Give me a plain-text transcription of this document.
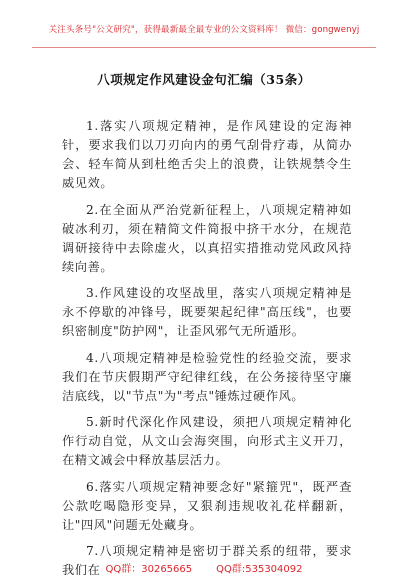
关注头条号"公文研究"，获得最新最全最专业的公文资料库！ 微信：gongwenyj
八项规定作风建设金句汇编（35条）

1.落实八项规定精神，是作风建设的定海神针，要求我们以刀刃向内的勇气刮骨疗毒，从简办会、轻车简从到杜绝舌尖上的浪费，让铁规禁令生威见效。

2.在全面从严治党新征程上，八项规定精神如破冰利刃，须在精简文件简报中挤干水分，在规范调研接待中去除虚火，以真招实措推动党风政风持续向善。

3.作风建设的攻坚战里，落实八项规定精神是永不停歇的冲锋号，既要架起纪律"高压线"，也要织密制度"防护网"，让歪风邪气无所遁形。

4.八项规定精神是检验党性的经验交流，要求我们在节庆假期严守纪律红线，在公务接待坚守廉洁底线，以"节点"为"考点"锤炼过硬作风。

5.新时代深化作风建设，须把八项规定精神化作行动自觉，从文山会海突围，向形式主义开刀，在精文减会中释放基层活力。

6.落实八项规定精神要念好"紧箍咒"，既严查公款吃喝隐形变异，又狠刹违规收礼花样翻新，让"四风"问题无处藏身。

7.八项规定精神是密切于群关系的纽带，要求我们在 QQ群：30265665 QQ群:535304092
